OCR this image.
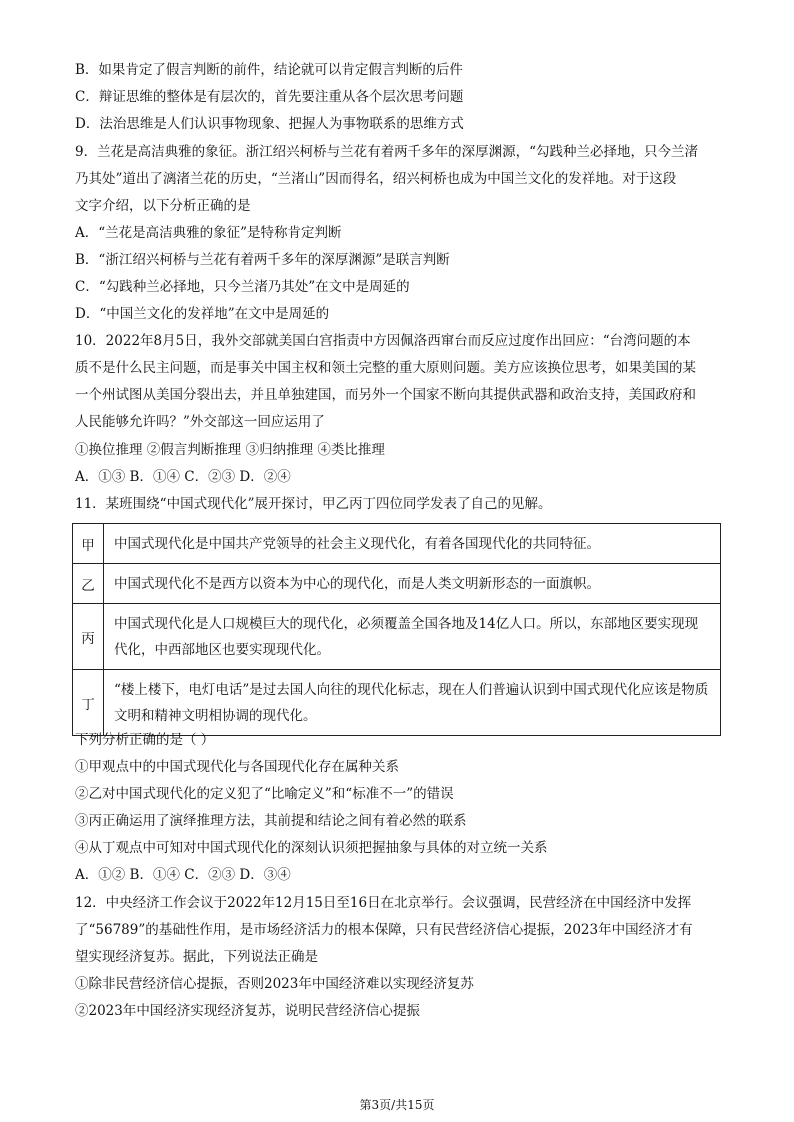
B．如果肯定了假言判断的前件，结论就可以肯定假言判断的后件
C．辩证思维的整体是有层次的，首先要注重从各个层次思考问题
D．法治思维是人们认识事物现象、把握人为事物联系的思维方式
9．兰花是高洁典雅的象征。浙江绍兴柯桥与兰花有着两千多年的深厚渊源，“勾践种兰必择地，只今兰渚
乃其处”道出了漓渚兰花的历史，“兰渚山”因而得名，绍兴柯桥也成为中国兰文化的发祥地。对于这段
文字介绍，以下分析正确的是
A．“兰花是高洁典雅的象征”是特称肯定判断
B．“浙江绍兴柯桥与兰花有着两千多年的深厚渊源”是联言判断
C．“勾践种兰必择地，只今兰渚乃其处”在文中是周延的
D．“中国兰文化的发祥地”在文中是周延的
10．2022年8月5日，我外交部就美国白宫指责中方因佩洛西窜台而反应过度作出回应：“台湾问题的本
质不是什么民主问题，而是事关中国主权和领土完整的重大原则问题。美方应该换位思考，如果美国的某
一个州试图从美国分裂出去，并且单独建国，而另外一个国家不断向其提供武器和政治支持，美国政府和
人民能够允许吗？”外交部这一回应运用了
①换位推理 ②假言判断推理 ③归纳推理 ④类比推理
A．①③ B．①④ C．②③ D．②④
11．某班围绕“中国式现代化”展开探讨，甲乙丙丁四位同学发表了自己的见解。
甲	中国式现代化是中国共产党领导的社会主义现代化，有着各国现代化的共同特征。
乙	中国式现代化不是西方以资本为中心的现代化，而是人类文明新形态的一面旗帜。
丙	中国式现代化是人口规模巨大的现代化，必须覆盖全国各地及14亿人口。所以，东部地区要实现现代化，中西部地区也要实现现代化。
丁	“楼上楼下，电灯电话”是过去国人向往的现代化标志，现在人们普遍认识到中国式现代化应该是物质文明和精神文明相协调的现代化。
下列分析正确的是（ ）
①甲观点中的中国式现代化与各国现代化存在属种关系
②乙对中国式现代化的定义犯了“比喻定义”和“标准不一”的错误
③丙正确运用了演绎推理方法，其前提和结论之间有着必然的联系
④从丁观点中可知对中国式现代化的深刻认识须把握抽象与具体的对立统一关系
A．①② B．①④ C．②③ D．③④
12．中央经济工作会议于2022年12月15日至16日在北京举行。会议强调，民营经济在中国经济中发挥
了“56789”的基础性作用，是市场经济活力的根本保障，只有民营经济信心提振，2023年中国经济才有
望实现经济复苏。据此，下列说法正确是
①除非民营经济信心提振，否则2023年中国经济难以实现经济复苏
②2023年中国经济实现经济复苏，说明民营经济信心提振
第3页/共15页
